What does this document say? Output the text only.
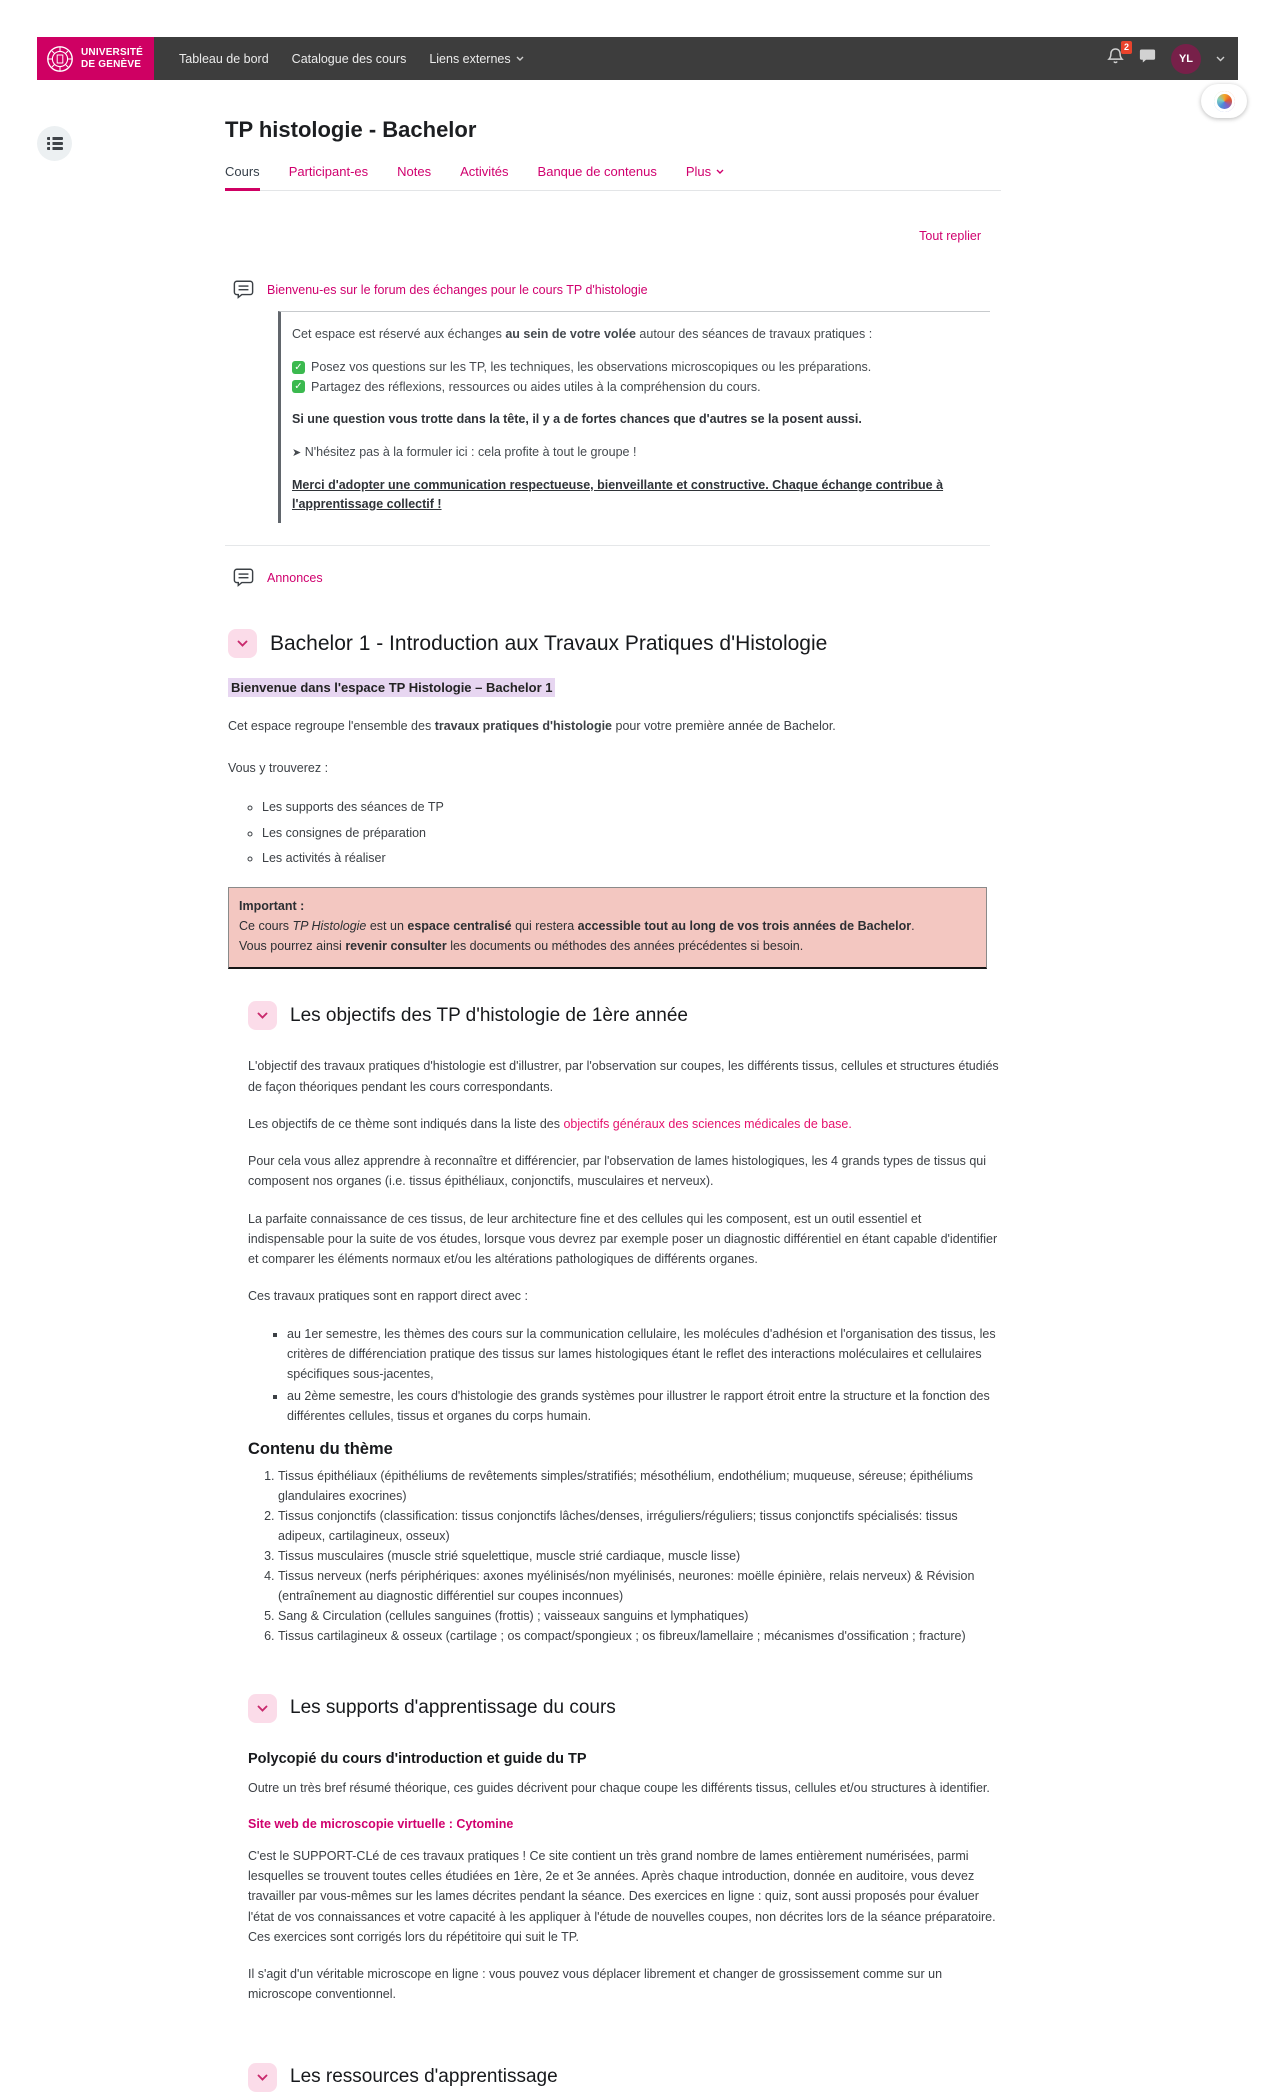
UNIVERSITÉ
DE GENÈVE	Tableau de bord Catalogue des cours Liens externes
2
YL
TP histologie - Bachelor
Cours Participant-es Notes Activités Banque de contenus Plus
Tout replier
Bienvenu-es sur le forum des échanges pour le cours TP d'histologie

Cet espace est réservé aux échanges au sein de votre volée autour des séances de travaux pratiques :

✓ Posez vos questions sur les TP, les techniques, les observations microscopiques ou les préparations.
✓ Partagez des réflexions, ressources ou aides utiles à la compréhension du cours.

Si une question vous trotte dans la tête, il y a de fortes chances que d'autres se la posent aussi.

➤ N'hésitez pas à la formuler ici : cela profite à tout le groupe !

Merci d'adopter une communication respectueuse, bienveillante et constructive. Chaque échange contribue à l'apprentissage collectif !

Annonces
Bachelor 1 - Introduction aux Travaux Pratiques d'Histologie

Bienvenue dans l'espace TP Histologie – Bachelor 1

Cet espace regroupe l'ensemble des travaux pratiques d'histologie pour votre première année de Bachelor.

Vous y trouverez :

◦ Les supports des séances de TP
◦ Les consignes de préparation
◦ Les activités à réaliser

Important :

Ce cours TP Histologie est un espace centralisé qui restera accessible tout au long de vos trois années de Bachelor.

Vous pourrez ainsi revenir consulter les documents ou méthodes des années précédentes si besoin.

Les objectifs des TP d'histologie de 1ère année

L'objectif des travaux pratiques d'histologie est d'illustrer, par l'observation sur coupes, les différents tissus, cellules et structures étudiés de façon théoriques pendant les cours correspondants.

Les objectifs de ce thème sont indiqués dans la liste des objectifs généraux des sciences médicales de base.

Pour cela vous allez apprendre à reconnaître et différencier, par l'observation de lames histologiques, les 4 grands types de tissus qui composent nos organes (i.e. tissus épithéliaux, conjonctifs, musculaires et nerveux).

La parfaite connaissance de ces tissus, de leur architecture fine et des cellules qui les composent, est un outil essentiel et indispensable pour la suite de vos études, lorsque vous devrez par exemple poser un diagnostic différentiel en étant capable d'identifier et comparer les éléments normaux et/ou les altérations pathologiques de différents organes.

Ces travaux pratiques sont en rapport direct avec :

▪ au 1er semestre, les thèmes des cours sur la communication cellulaire, les molécules d'adhésion et l'organisation des tissus, les critères de différenciation pratique des tissus sur lames histologiques étant le reflet des interactions moléculaires et cellulaires spécifiques sous-jacentes,
▪ au 2ème semestre, les cours d'histologie des grands systèmes pour illustrer le rapport étroit entre la structure et la fonction des différentes cellules, tissus et organes du corps humain.
Contenu du thème
1. Tissus épithéliaux (épithéliums de revêtements simples/stratifiés; mésothélium, endothélium; muqueuse, séreuse; épithéliums glandulaires exocrines)
2. Tissus conjonctifs (classification: tissus conjonctifs lâches/denses, irréguliers/réguliers; tissus conjonctifs spécialisés: tissus adipeux, cartilagineux, osseux)
3. Tissus musculaires (muscle strié squelettique, muscle strié cardiaque, muscle lisse)
4. Tissus nerveux (nerfs périphériques: axones myélinisés/non myélinisés, neurones: moëlle épinière, relais nerveux) & Révision (entraînement au diagnostic différentiel sur coupes inconnues)
5. Sang & Circulation (cellules sanguines (frottis) ; vaisseaux sanguins et lymphatiques)
6. Tissus cartilagineux & osseux (cartilage ; os compact/spongieux ; os fibreux/lamellaire ; mécanismes d'ossification ; fracture)
Les supports d'apprentissage du cours
Polycopié du cours d'introduction et guide du TP

Outre un très bref résumé théorique, ces guides décrivent pour chaque coupe les différents tissus, cellules et/ou structures à identifier.

Site web de microscopie virtuelle : Cytomine

C'est le SUPPORT-CLé de ces travaux pratiques ! Ce site contient un très grand nombre de lames entièrement numérisées, parmi lesquelles se trouvent toutes celles étudiées en 1ère, 2e et 3e années. Après chaque introduction, donnée en auditoire, vous devez travailler par vous-mêmes sur les lames décrites pendant la séance. Des exercices en ligne : quiz, sont aussi proposés pour évaluer l'état de vos connaissances et votre capacité à les appliquer à l'étude de nouvelles coupes, non décrites lors de la séance préparatoire. Ces exercices sont corrigés lors du répétitoire qui suit le TP.

Il s'agit d'un véritable microscope en ligne : vous pouvez vous déplacer librement et changer de grossissement comme sur un microscope conventionnel.

Les ressources d'apprentissage
